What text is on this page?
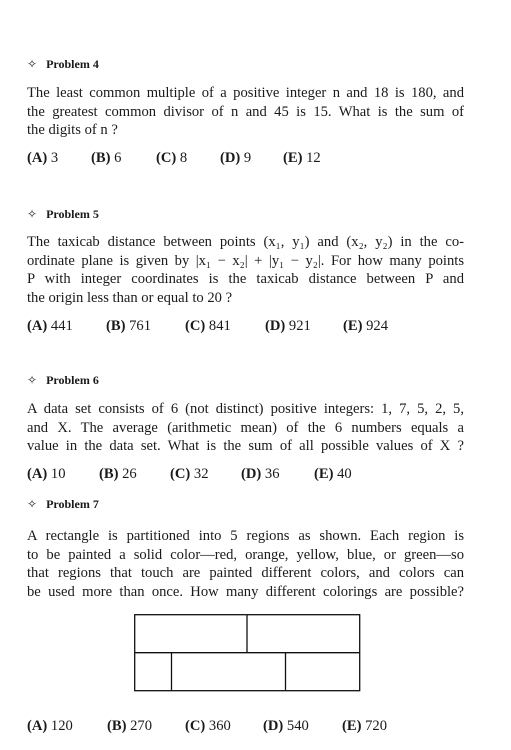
✧ Problem 4
The least common multiple of a positive integer n and 18 is 180, and
the greatest common divisor of n and 45 is 15. What is the sum of
the digits of n ?
(A) 3	(B) 6	(C) 8	(D) 9	(E) 12
✧ Problem 5
The taxicab distance between points (x₁, y₁) and (x₂, y₂) in the co-
ordinate plane is given by |x₁ − x₂| + |y₁ − y₂|. For how many points
P with integer coordinates is the taxicab distance between P and
the origin less than or equal to 20 ?
(A) 441	(B) 761	(C) 841	(D) 921	(E) 924
✧ Problem 6
A data set consists of 6 (not distinct) positive integers: 1, 7, 5, 2, 5,
and X. The average (arithmetic mean) of the 6 numbers equals a
value in the data set. What is the sum of all possible values of X ?
(A) 10	(B) 26	(C) 32	(D) 36	(E) 40
✧ Problem 7
A rectangle is partitioned into 5 regions as shown. Each region is
to be painted a solid color—red, orange, yellow, blue, or green—so
that regions that touch are painted different colors, and colors can
be used more than once. How many different colorings are possible?
(A) 120	(B) 270	(C) 360	(D) 540	(E) 720
